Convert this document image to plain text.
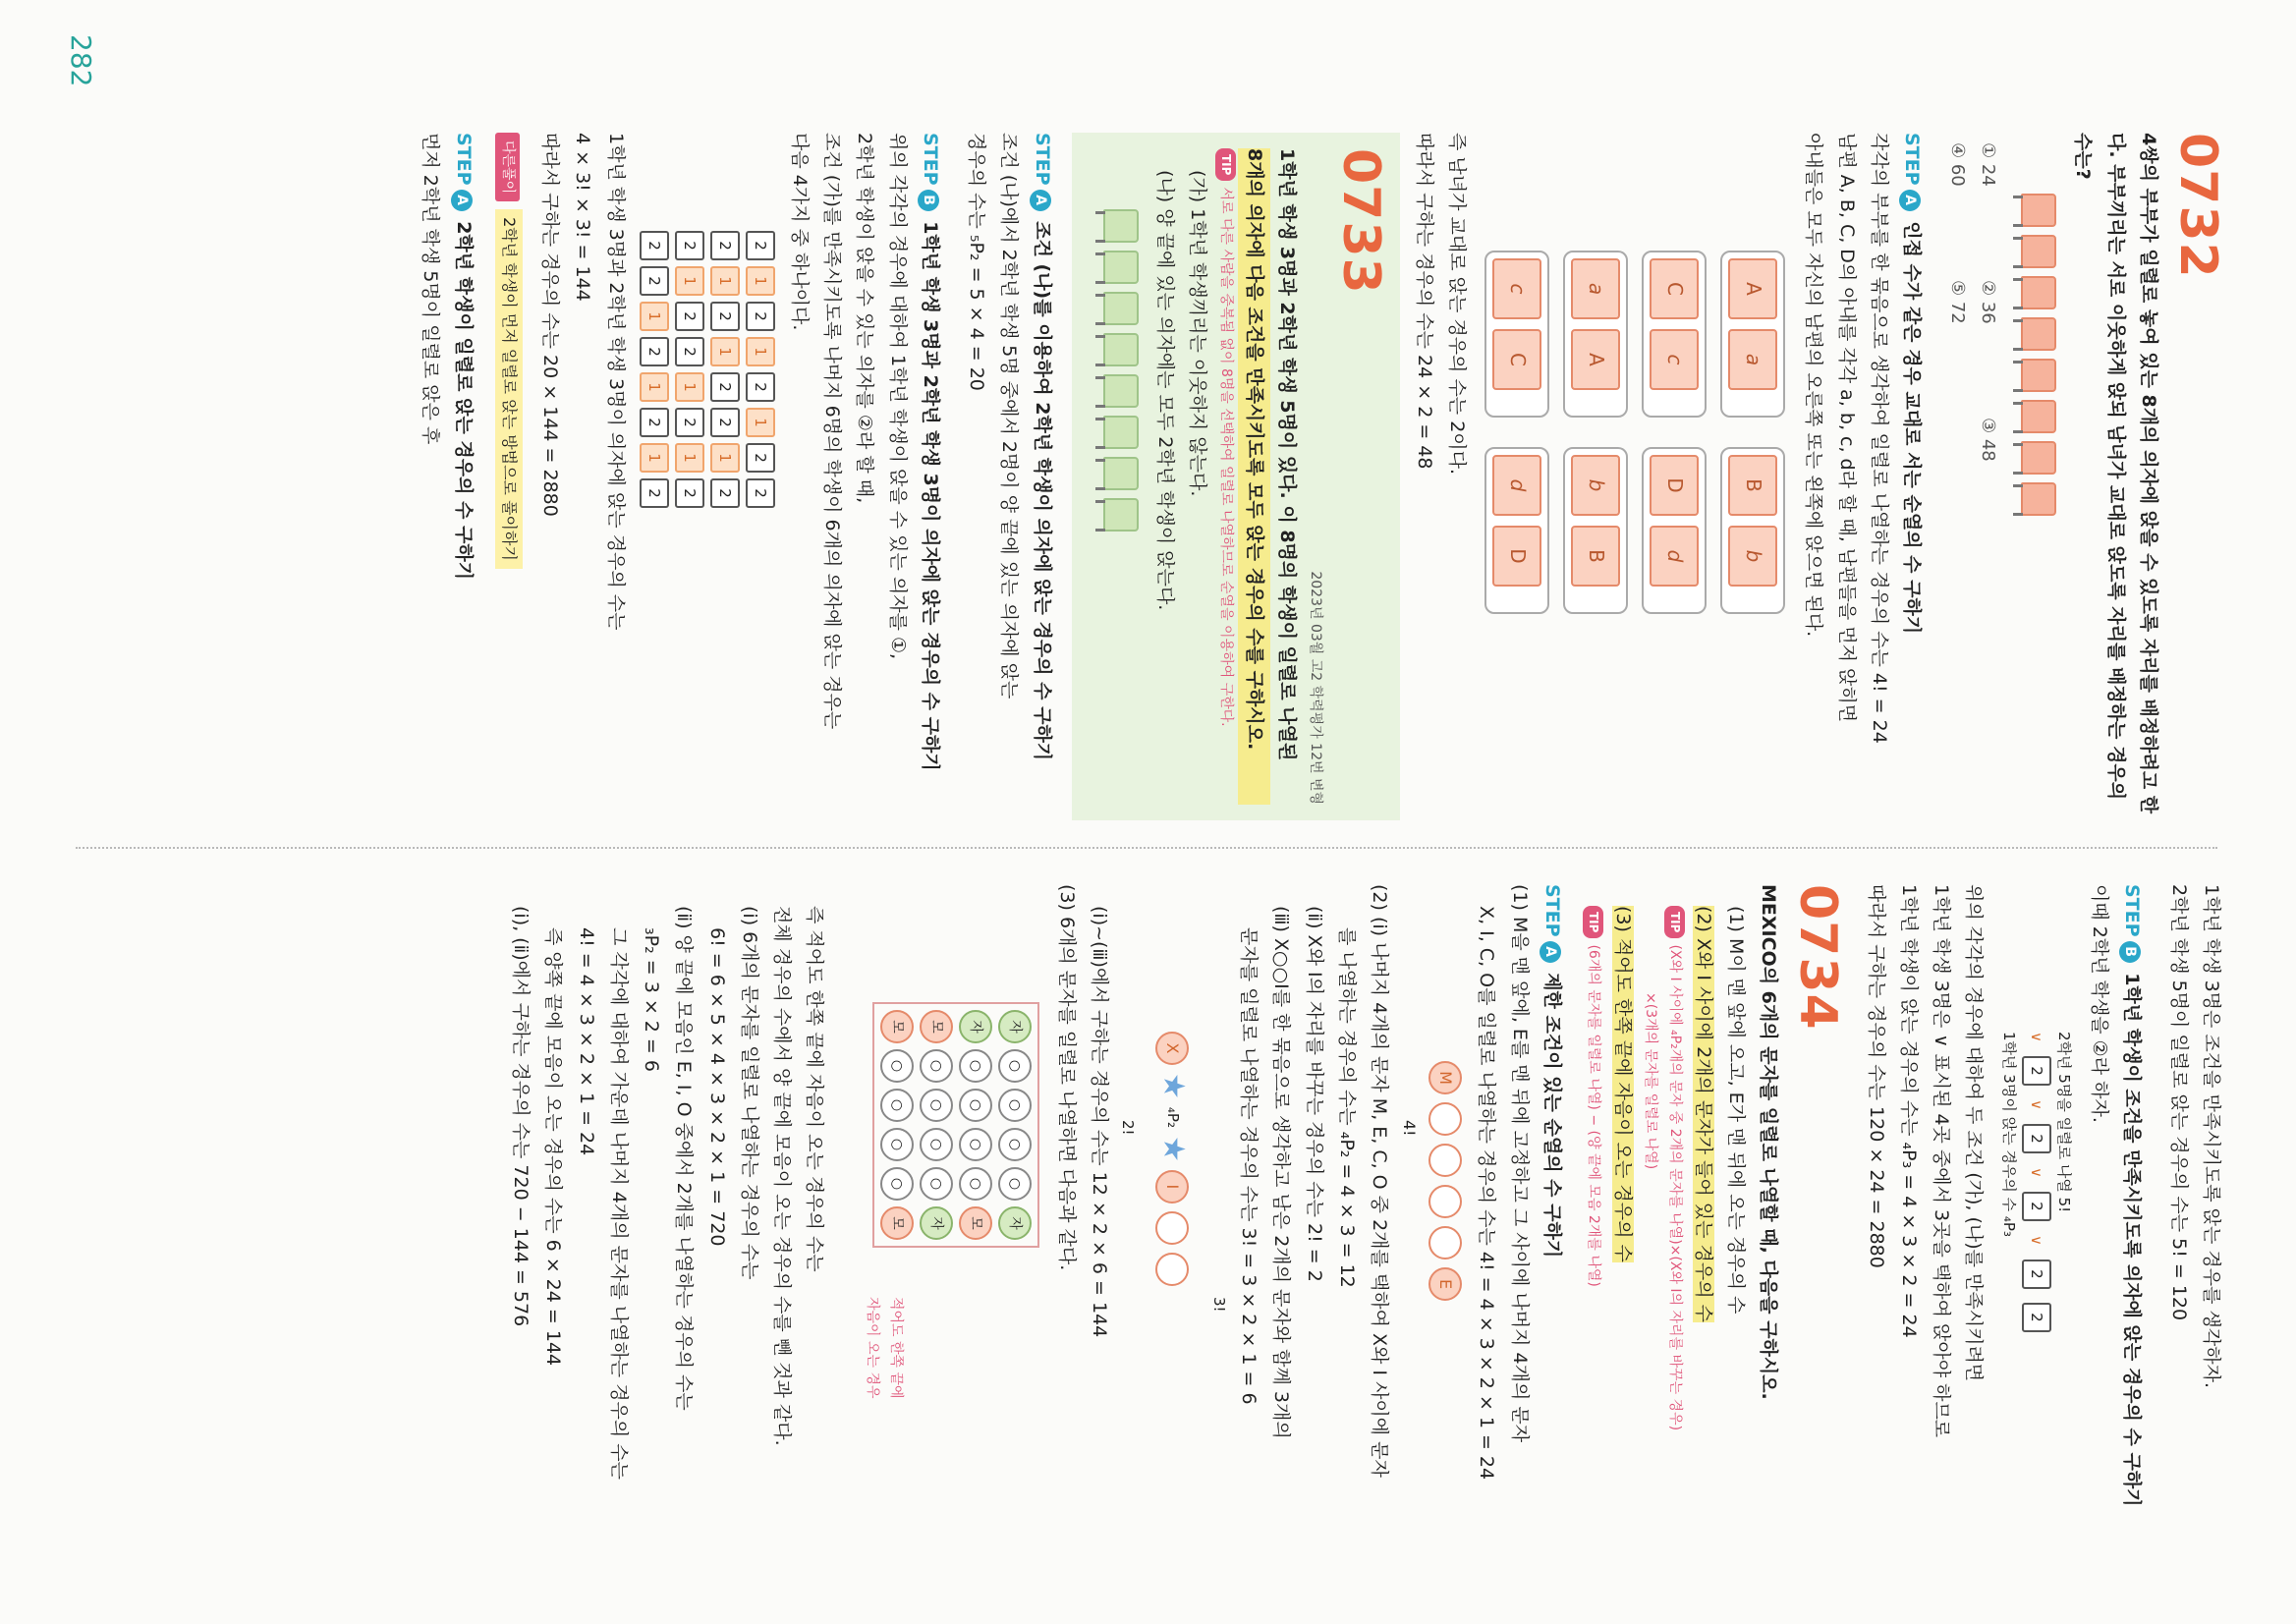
282
0732
4쌍의 부부가 일렬로 놓여 있는 8개의 의자에 앉을 수 있도록 자리를 배정하려고 한다. 부부끼리는 서로 이웃하게 앉되 남녀가 교대로 앉도록 자리를 배정하는 경우의 수는?
① 24
② 36
③ 48
④ 60
⑤ 72
STEPA 인접 수가 같은 경우 교대로 서는 순열의 수 구하기
각각의 부부를 한 묶음으로 생각하여 일렬로 나열하는 경우의 수는 4! = 24
남편 A, B, C, D의 아내를 각각 a, b, c, d라 할 때, 남편들을 먼저 앉히면
아내들은 모두 자신의 남편의 오른쪽 또는 왼쪽에 앉으면 된다.
A
a
B
b
C
c
D
d
a
A
b
B
c
C
d
D
즉 남녀가 교대로 앉는 경우의 수는 2이다.
따라서 구하는 경우의 수는 24 × 2 = 48
0733
2023년 03월 고2 학력평가 12번 변형
1학년 학생 3명과 2학년 학생 5명이 있다. 이 8명의 학생이 일렬로 나열된
8개의 의자에 다음 조건을 만족시키도록 모두 앉는 경우의 수를 구하시오.
TIP서로 다른 사람을 중복됨 없이 8명을 선택하여 일렬로 나열하므로 순열을 이용하여 구한다.
(가) 1학년 학생끼리는 이웃하지 않는다.
(나) 양 끝에 있는 의자에는 모두 2학년 학생이 앉는다.
STEPA 조건 (나)를 이용하여 2학년 학생이 의자에 앉는 경우의 수 구하기
조건 (나)에서 2학년 학생 5명 중에서 2명이 양 끝에 있는 의자에 앉는
경우의 수는 ₅P₂ = 5 × 4 = 20
STEPB 1학년 학생 3명과 2학년 학생 3명이 의자에 앉는 경우의 수 구하기
위의 각각의 경우에 대하여 1학년 학생이 앉을 수 있는 의자를 ①,
2학년 학생이 앉을 수 있는 의자를 ②라 할 때,
조건 (가)를 만족시키도록 나머지 6명의 학생이 6개의 의자에 앉는 경우는
다음 4가지 중 하나이다.
2
1
2
1
2
1
2
2
2
1
2
1
2
2
1
2
2
1
2
2
1
2
1
2
2
2
1
2
1
2
1
2
1학년 학생 3명과 2학년 학생 3명이 의자에 앉는 경우의 수는
4 × 3! × 3! = 144
따라서 구하는 경우의 수는 20 × 144 = 2880
다른풀이2학년 학생이 먼저 일렬로 앉는 방법으로 풀이하기
STEPA 2학년 학생이 일렬로 앉는 경우의 수 구하기
먼저 2학년 학생 5명이 일렬로 앉은 후
1학년 학생 3명은 조건을 만족시키도록 앉는 경우를 생각하자.
2학년 학생 5명이 일렬로 앉는 경우의 수는 5! = 120
STEPB 1학년 학생이 조건을 만족시키도록 의자에 앉는 경우의 수 구하기
이때 2학년 학생을 ②라 하자.
2학년 5명을 일렬로 나열 5!
∨
2
∨
2
∨
2
∨
2
2
1학년 3명이 앉는 경우의 수 ₄P₃
위의 각각의 경우에 대하여 두 조건 (가), (나)를 만족시키려면
1학년 학생 3명은 ∨ 표시된 4곳 중에서 3곳을 택하여 앉아야 하므로
1학년 학생이 앉는 경우의 수는 ₄P₃ = 4 × 3 × 2 = 24
따라서 구하는 경우의 수는 120 × 24 = 2880
0734
MEXICO의 6개의 문자를 일렬로 나열할 때, 다음을 구하시오.
(1) M이 맨 앞에 오고, E가 맨 뒤에 오는 경우의 수
(2) X와 I 사이에 2개의 문자가 들어 있는 경우의 수
TIP(X와 I 사이에 ₄P₂개의 문자 중 2개의 문자를 나열)×(X와 I의 자리를 바꾸는 경우)
×(3개의 문자를 일렬로 나열)
(3) 적어도 한쪽 끝에 자음이 오는 경우의 수
TIP(6개의 문자를 일렬로 나열) − (양 끝에 모음 2개를 나열)
STEPA 제한 조건이 있는 순열의 수 구하기
(1) M을 맨 앞에, E를 맨 뒤에 고정하고 그 사이에 나머지 4개의 문자
X, I, C, O를 일렬로 나열하는 경우의 수는 4! = 4 × 3 × 2 × 1 = 24
M
E
4!
(2) (ⅰ) 나머지 4개의 문자 M, E, C, O 중 2개를 택하여 X와 I 사이에 문자
를 나열하는 경우의 수는 ₄P₂ = 4 × 3 = 12
(ⅱ) X와 I의 자리를 바꾸는 경우의 수는 2! = 2
(ⅲ) X○○I를 한 묶음으로 생각하고 남은 2개의 문자와 함께 3개의
문자를 일렬로 나열하는 경우의 수는 3! = 3 × 2 × 1 = 6
3!
X
★
₄P₂
★
I
2!
(ⅰ)~(ⅲ)에서 구하는 경우의 수는 12 × 2 × 6 = 144
(3) 6개의 문자를 일렬로 나열하면 다음과 같다.
자
○
○
○
○
자
자
○
○
○
○
모
모
○
○
○
○
자
모
○
○
○
○
모
적어도 한쪽 끝에
자음이 오는 경우
즉 적어도 한쪽 끝에 자음이 오는 경우의 수는
전체 경우의 수에서 양 끝에 모음이 오는 경우의 수를 뺀 것과 같다.
(ⅰ) 6개의 문자를 일렬로 나열하는 경우의 수는
6! = 6 × 5 × 4 × 3 × 2 × 1 = 720
(ⅱ) 양 끝에 모음인 E, I, O 중에서 2개를 나열하는 경우의 수는
₃P₂ = 3 × 2 = 6
그 각각에 대하여 가운데 나머지 4개의 문자를 나열하는 경우의 수는
4! = 4 × 3 × 2 × 1 = 24
즉 양쪽 끝에 모음이 오는 경우의 수는 6 × 24 = 144
(ⅰ), (ⅱ)에서 구하는 경우의 수는 720 − 144 = 576
